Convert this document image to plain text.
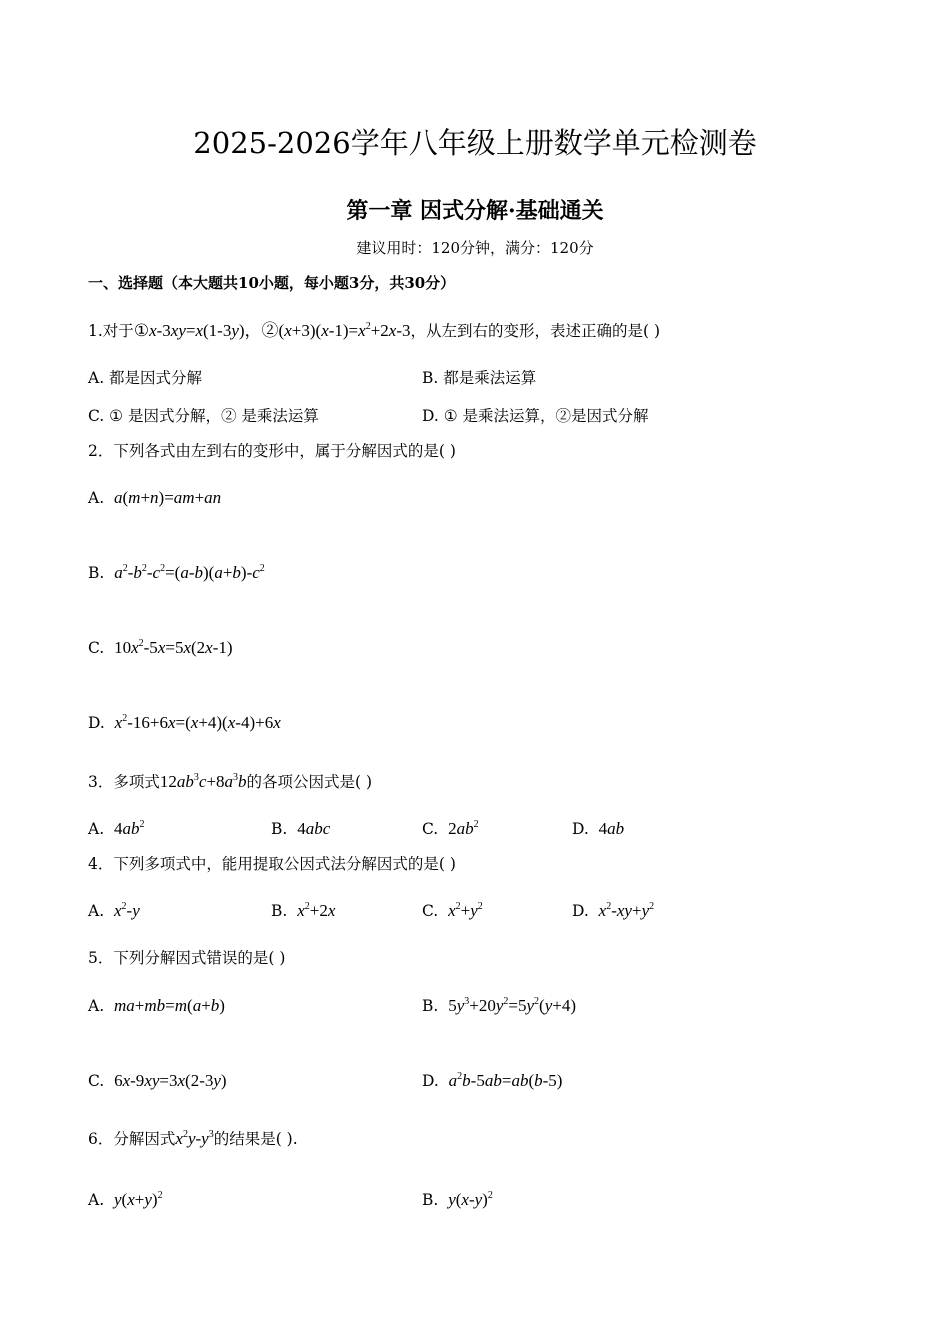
2025-2026学年八年级上册数学单元检测卷
第一章 因式分解·基础通关
建议用时：120分钟，满分：120分
一、选择题（本大题共10小题，每小题3分，共30分）
1.对于①x-3xy=x(1-3y)，$②(x+3)(x-1)=x^2+2x-3$，从左到右的变形，表述正确的是( )
A. 都是因式分解	B. 都是乘法运算
C. ① 是因式分解，② 是乘法运算	D. ① 是乘法运算，②是因式分解
2．下列各式由左到右的变形中，属于分解因式的是( )
A. a(m+n)=am+an
B. $a^2-b^2-c^2=(a-b)(a+b)-c^2$
C. $10x^2-5x=5x(2x-1)$
D. $x^2-16+6x=(x+4)(x-4)+6x$
3．多项式$12ab^3c+8a^3b$的各项公因式是( )
A. $4ab^2$	B. 4abc	C. $2ab^2$	D. 4ab
4．下列多项式中，能用提取公因式法分解因式的是( )
A. $x^2-y$	B. $x^2+2x$	C. $x^2+y^2$	D. $x^2-xy+y^2$
5．下列分解因式错误的是( )
A. ma+mb=m(a+b)	B. $5y^3+20y^2=5y^2(y+4)$
C. 6x-9xy=3x(2-3y)	D. $a^2b-5ab=ab(b-5)$
6．分解因式$x^2y-y^3$的结果是( ).
A. $y(x+y)^2$	B. $y(x-y)^2$
